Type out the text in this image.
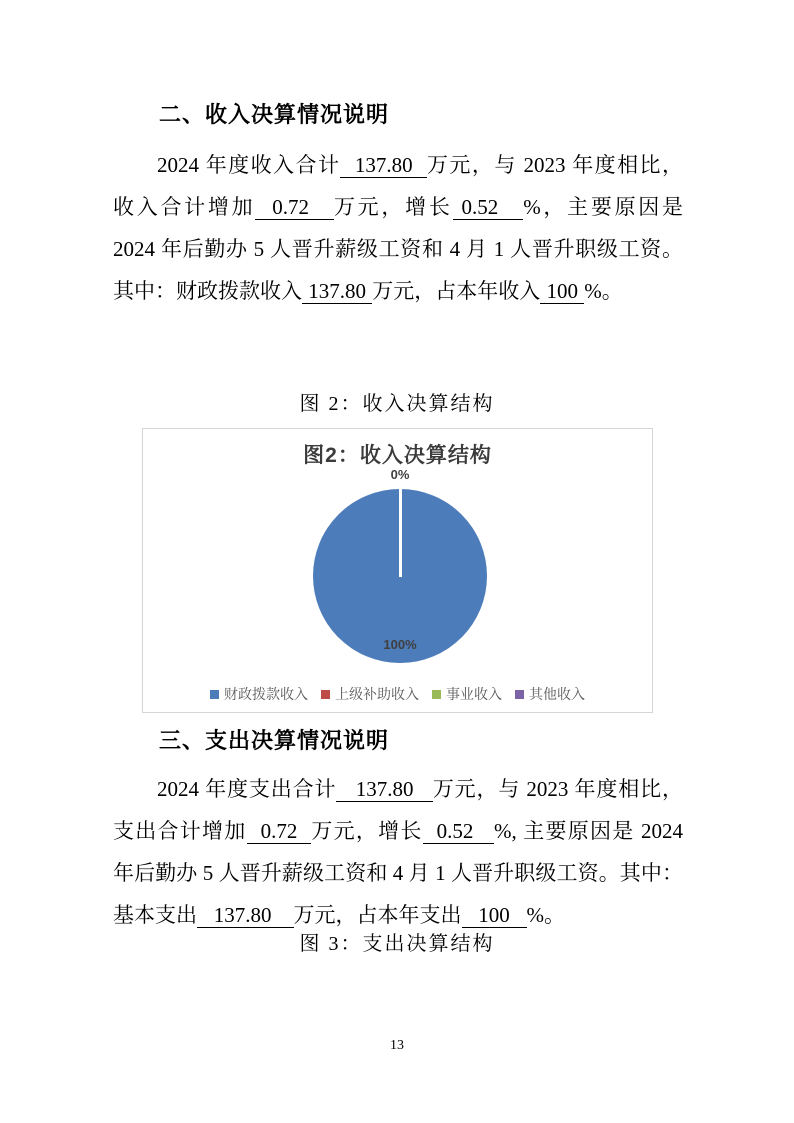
二、收入决算情况说明
2024 年度收入合计  137.80  万元，与 2023 年度相比，
收入合计增加  0.72   万元，增长 0.52   %，主要原因是
2024 年后勤办 5 人晋升薪级工资和 4 月 1 人晋升职级工资。
其中：财政拨款收入 137.80 万元，占本年收入 100 %。
图 2：收入决算结构
图2：收入决算结构
0%
100%
财政拨款收入 上级补助收入 事业收入 其他收入
三、支出决算情况说明
2024 年度支出合计   137.80   万元，与 2023 年度相比，
支出合计增加  0.72  万元，增长  0.52   %, 主要原因是 2024
年后勤办 5 人晋升薪级工资和 4 月 1 人晋升职级工资。其中：
基本支出   137.80    万元，占本年支出   100   %。
图 3：支出决算结构
13
